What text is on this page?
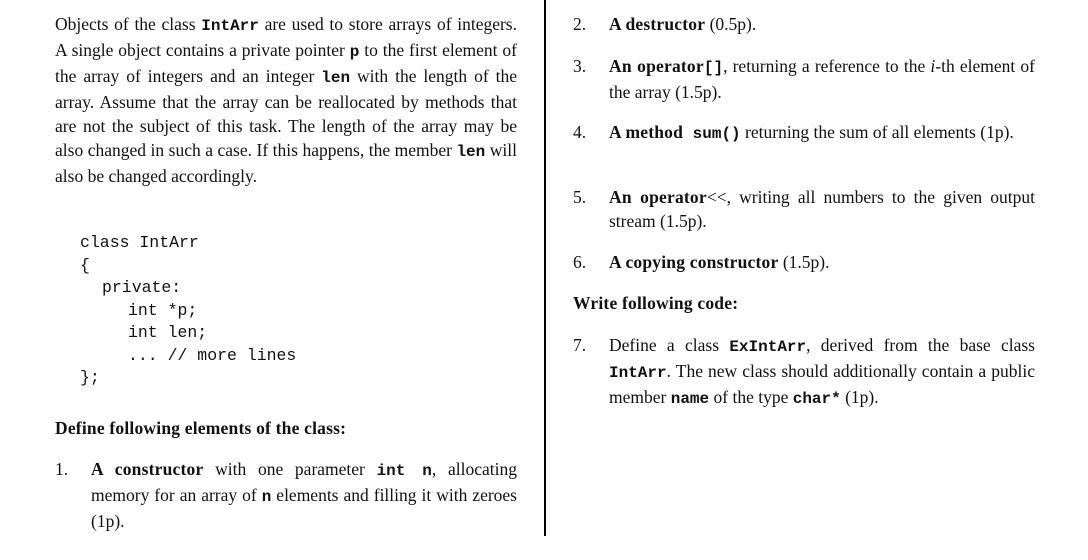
Objects of the class IntArr are used to store arrays of integers. A single object contains a private pointer p to the first element of the array of integers and an integer len with the length of the array. Assume that the array can be reallocated by methods that are not the subject of this task. The length of the array may be also changed in such a case. If this happens, the member len will also be changed accordingly.

class IntArr
{
private:
int *p;
int len;
... // more lines
};
Define following elements of the class:
1.	A constructor with one parameter int n, allocating memory for an array of n elements and filling it with zeroes (1p).
2.	A destructor (0.5p).
3.	An operator[], returning a reference to the i-th element of the array (1.5p).
4.	A method sum() returning the sum of all elements (1p).
5.	An operator<<, writing all numbers to the given output stream (1.5p).
6.	A copying constructor (1.5p).
Write following code:
7.	Define a class ExIntArr, derived from the base class IntArr. The new class should additionally contain a public member name of the type char* (1p).
